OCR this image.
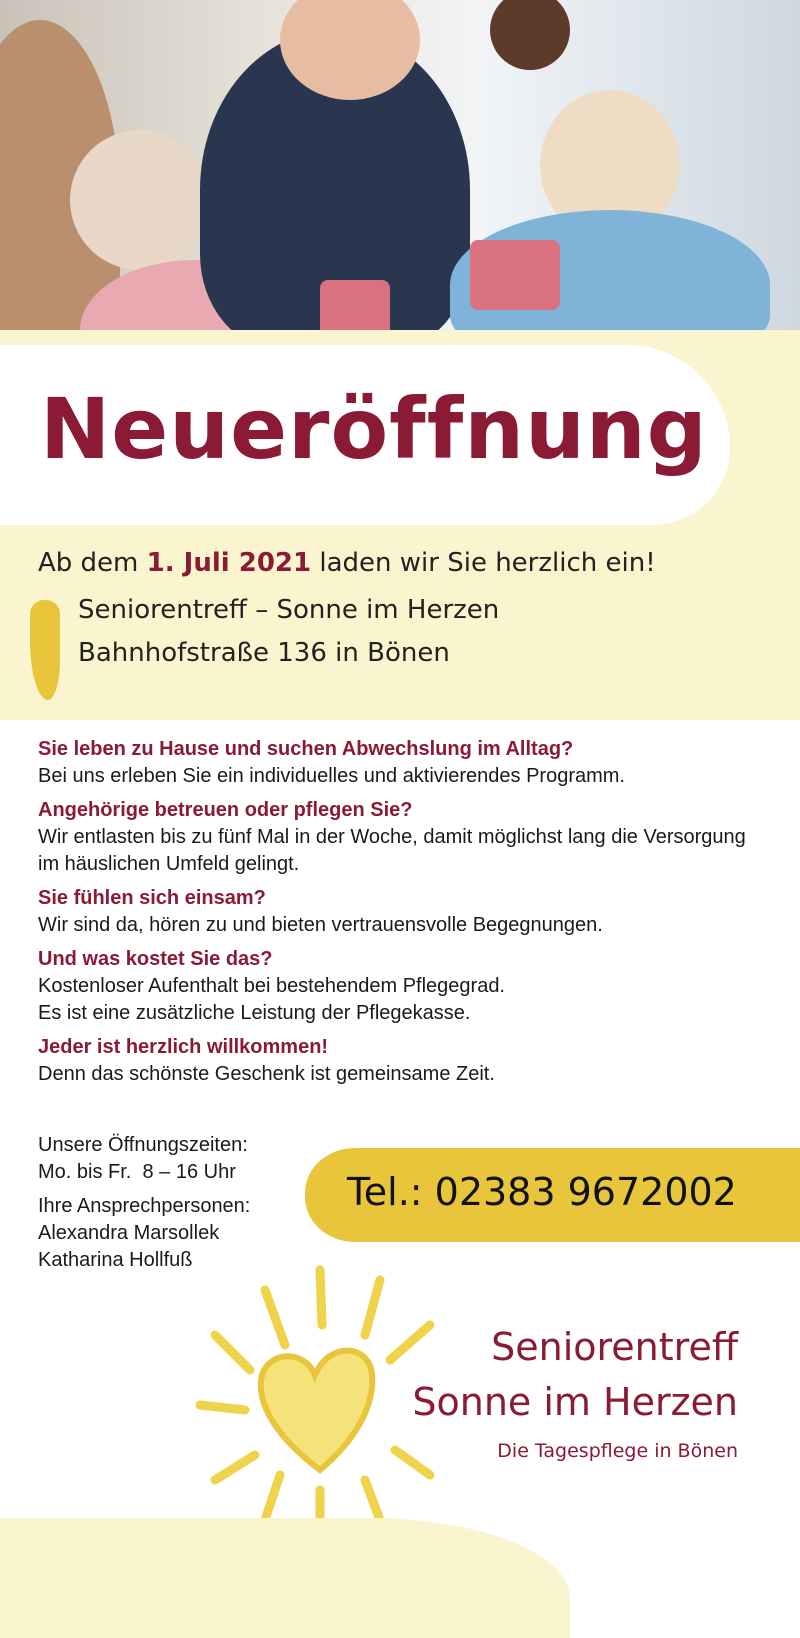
Neueröffnung
Ab dem 1. Juli 2021 laden wir Sie herzlich ein!
Seniorentreff – Sonne im Herzen
Bahnhofstraße 136 in Bönen
Sie leben zu Hause und suchen Abwechslung im Alltag?
Bei uns erleben Sie ein individuelles und aktivierendes Programm.
Angehörige betreuen oder pflegen Sie?
Wir entlasten bis zu fünf Mal in der Woche, damit möglichst lang die Versorgung im häuslichen Umfeld gelingt.
Sie fühlen sich einsam?
Wir sind da, hören zu und bieten vertrauensvolle Begegnungen.
Und was kostet Sie das?
Kostenloser Aufenthalt bei bestehendem Pflegegrad.
Es ist eine zusätzliche Leistung der Pflegekasse.
Jeder ist herzlich willkommen!
Denn das schönste Geschenk ist gemeinsame Zeit.
Unsere Öffnungszeiten:
Mo. bis Fr.  8 – 16 Uhr
Ihre Ansprechpersonen:
Alexandra Marsollek
Katharina Hollfuß
Tel.: 02383 9672002
Seniorentreff
Sonne im Herzen
Die Tagespflege in Bönen
